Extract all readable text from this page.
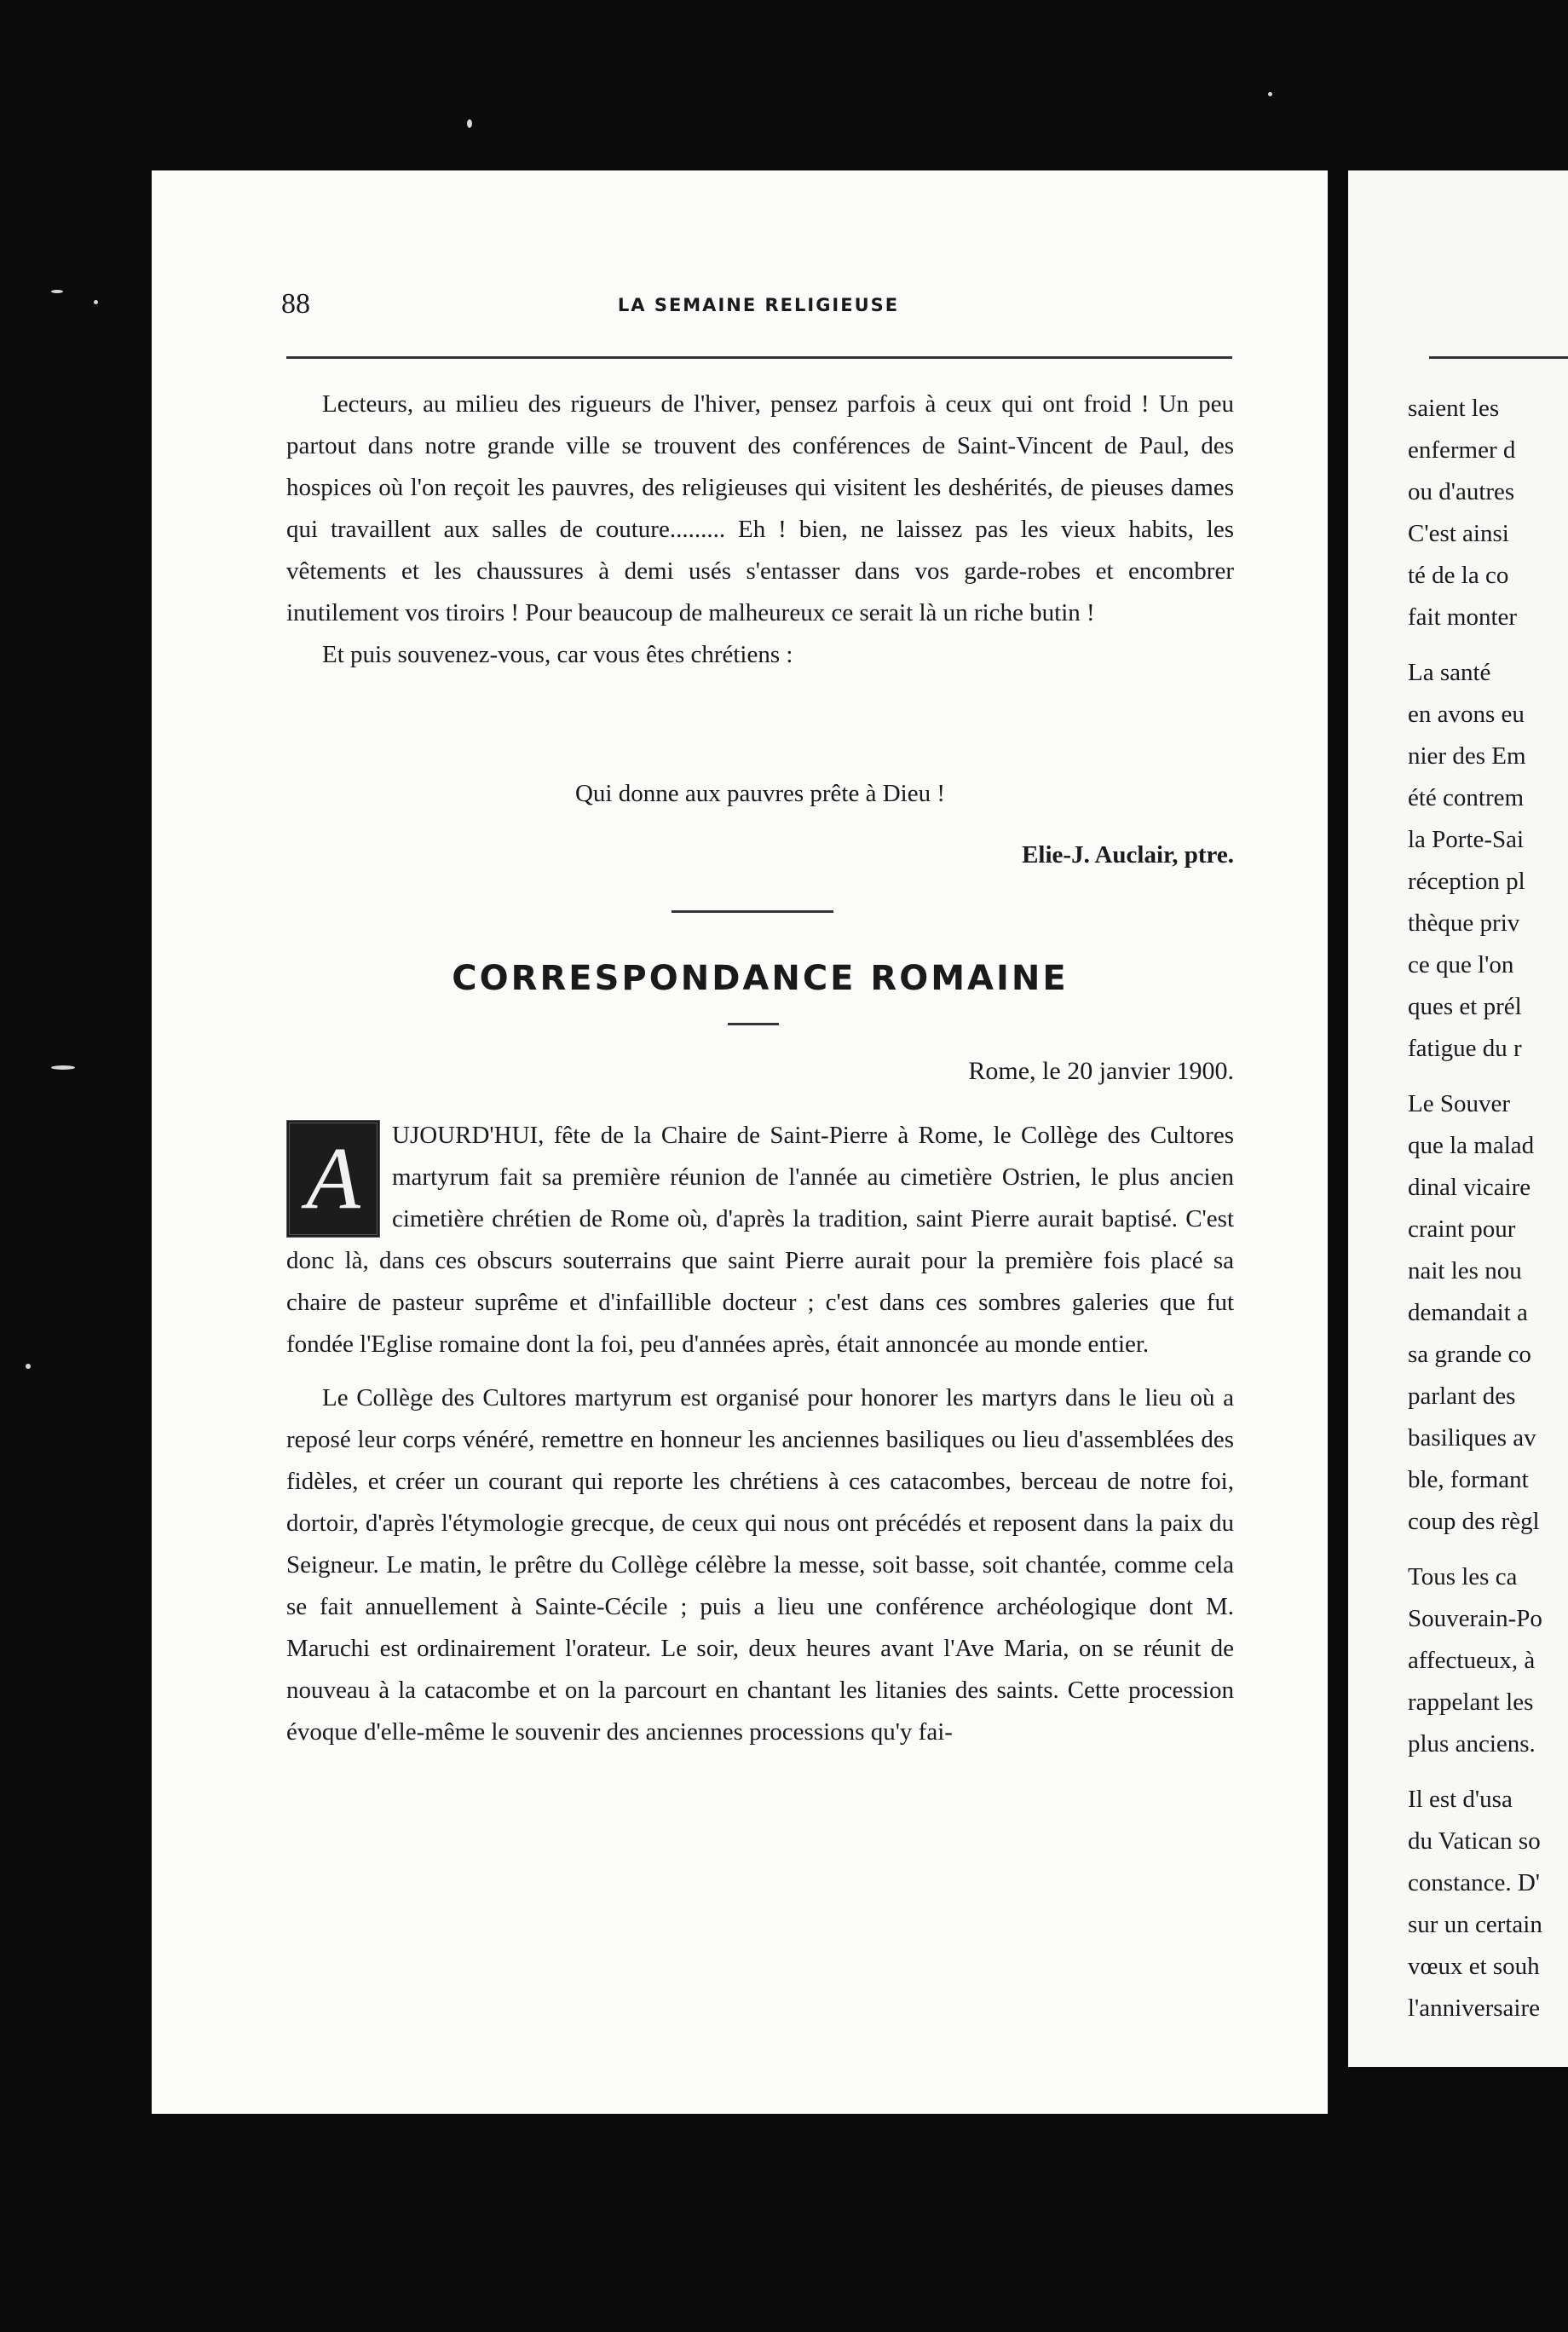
88	LA SEMAINE RELIGIEUSE

Lecteurs, au milieu des rigueurs de l'hiver, pensez parfois à ceux qui ont froid ! Un peu partout dans notre grande ville se trouvent des conférences de Saint-Vincent de Paul, des hospices où l'on reçoit les pauvres, des religieuses qui visitent les deshérités, de pieuses dames qui travaillent aux salles de couture......... Eh ! bien, ne laissez pas les vieux habits, les vêtements et les chaussures à demi usés s'entasser dans vos garde-robes et encombrer inutilement vos tiroirs ! Pour beaucoup de malheureux ce serait là un riche butin !

Et puis souvenez-vous, car vous êtes chrétiens :

Qui donne aux pauvres prête à Dieu !
Elie-J. Auclair, ptre.
CORRESPONDANCE ROMAINE
Rome, le 20 janvier 1900.

A	UJOURD'HUI, fête de la Chaire de Saint-Pierre à Rome, le Collège des Cultores martyrum fait sa première réunion de l'année au cimetière Ostrien, le plus ancien cimetière chrétien de Rome où, d'après la tradition, saint Pierre aurait baptisé. C'est donc là, dans ces obscurs souterrains que saint Pierre aurait pour la première fois placé sa chaire de pasteur suprême et d'infaillible docteur ; c'est dans ces sombres galeries que fut fondée l'Eglise romaine dont la foi, peu d'années après, était annoncée au monde entier.

Le Collège des Cultores martyrum est organisé pour honorer les martyrs dans le lieu où a reposé leur corps vénéré, remettre en honneur les anciennes basiliques ou lieu d'assemblées des fidèles, et créer un courant qui reporte les chrétiens à ces catacombes, berceau de notre foi, dortoir, d'après l'étymologie grecque, de ceux qui nous ont précédés et reposent dans la paix du Seigneur. Le matin, le prêtre du Collège célèbre la messe, soit basse, soit chantée, comme cela se fait annuellement à Sainte-Cécile ; puis a lieu une conférence archéologique dont M. Maruchi est ordinairement l'orateur. Le soir, deux heures avant l'Ave Maria, on se réunit de nouveau à la catacombe et on la parcourt en chantant les litanies des saints. Cette procession évoque d'elle-même le souvenir des anciennes processions qu'y fai-

saient les
enfermer d
ou d'autres
C'est ainsi
té de la co
fait monter
La santé
en avons eu
nier des Em
été contrem
la Porte-Sai
réception pl
thèque priv
ce que l'on
ques et prél
fatigue du r
Le Souver
que la malad
dinal vicaire
craint pour
nait les nou
demandait a
sa grande co
parlant des
basiliques av
ble, formant
coup des règl
Tous les ca
Souverain-Po
affectueux, à
rappelant les
plus anciens.
Il est d'usa
du Vatican so
constance. D'
sur un certain
vœux et souh
l'anniversaire
